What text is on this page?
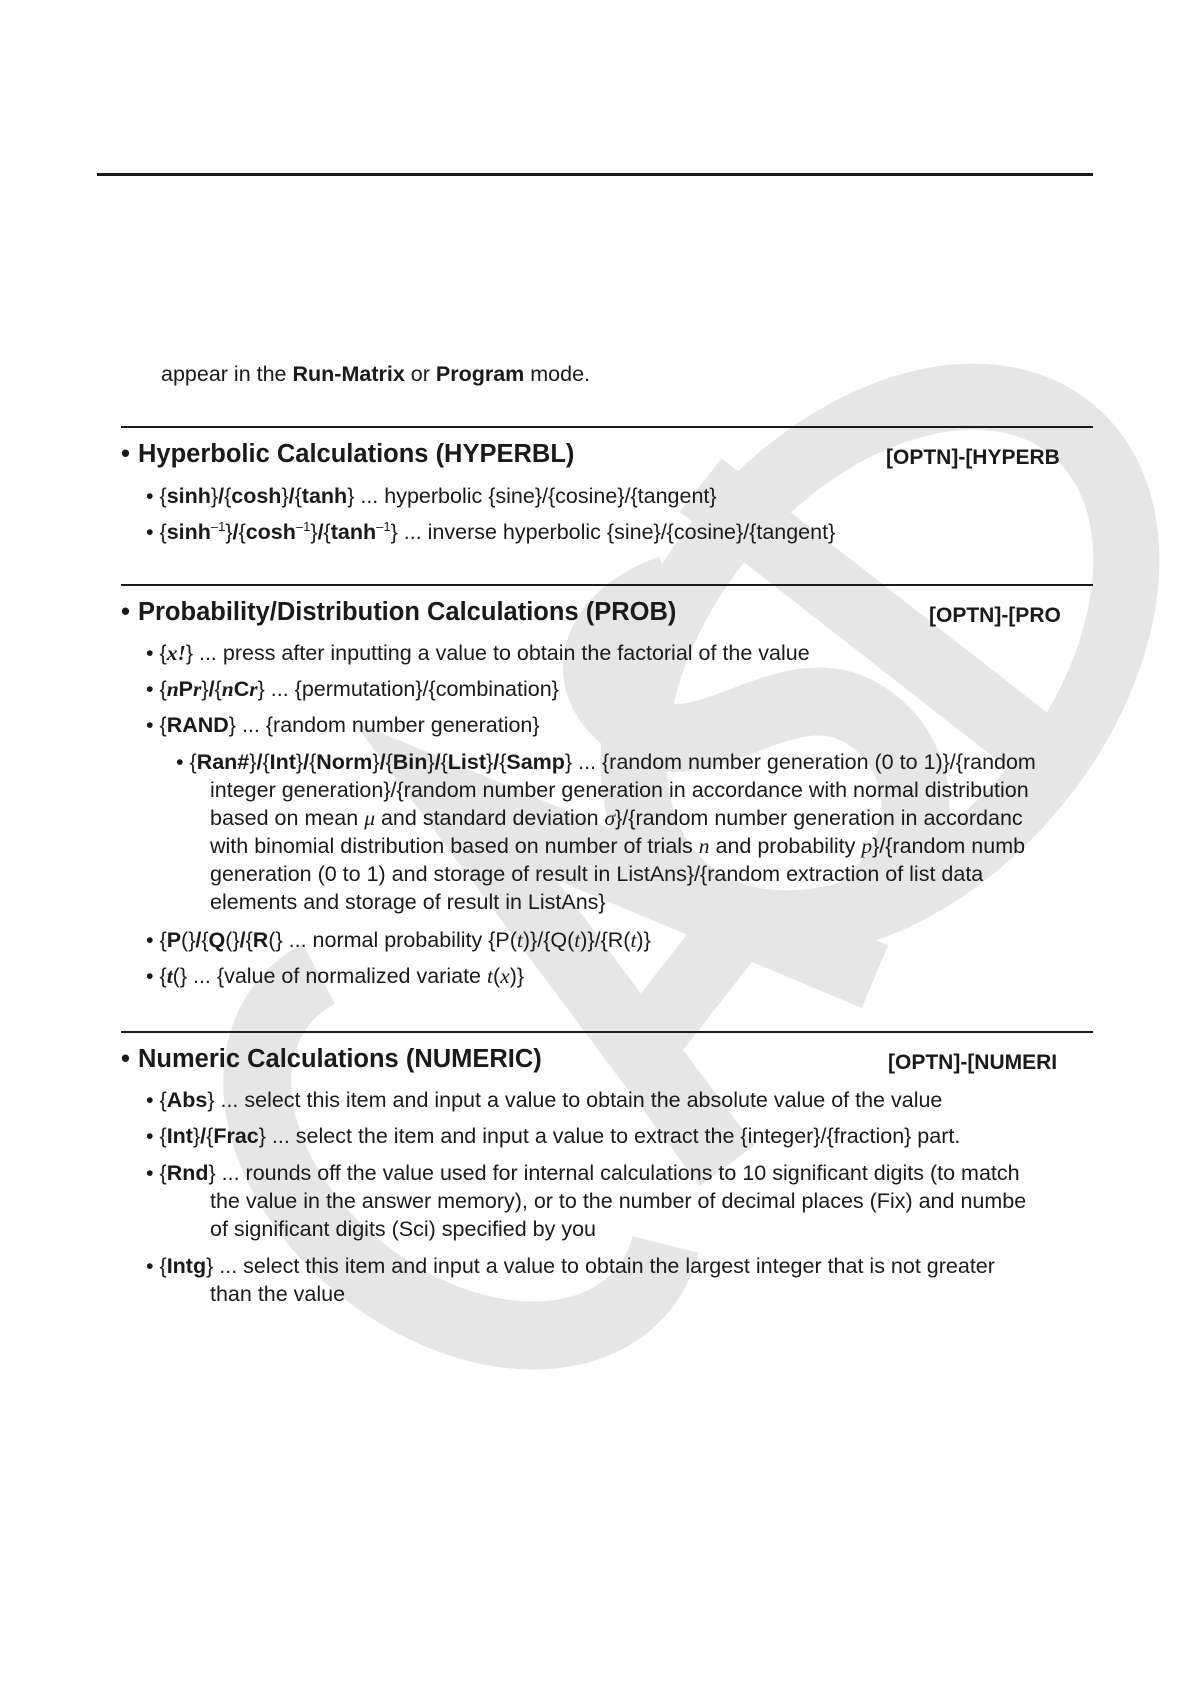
appear in the Run-Matrix or Program mode.
• Hyperbolic Calculations (HYPERBL)	[OPTN]-[HYPERB
• {sinh}/{cosh}/{tanh} ... hyperbolic {sine}/{cosine}/{tangent}
• $\{\sinh^{-1}\}/\{\cosh^{-1}\}/\{\tanh^{-1}\}$ ... inverse hyperbolic {sine}/{cosine}/{tangent}
• Probability/Distribution Calculations (PROB)	[OPTN]-[PRO
• {x!} ... press after inputting a value to obtain the factorial of the value
• {nPr}/{nCr} ... {permutation}/{combination}
• {RAND} ... {random number generation}
• {Ran#}/{Int}/{Norm}/{Bin}/{List}/{Samp} ... {random number generation (0 to 1)}/{random
integer generation}/{random number generation in accordance with normal distribution
based on mean μ and standard deviation σ}/{random number generation in accordanc
with binomial distribution based on number of trials n and probability p}/{random numb
generation (0 to 1) and storage of result in ListAns}/{random extraction of list data
elements and storage of result in ListAns}
• {P(}/{Q(}/{R(} ... normal probability {P(t)}/{Q(t)}/{R(t)}
• {t(} ... {value of normalized variate t(x)}
• Numeric Calculations (NUMERIC)	[OPTN]-[NUMERI
• {Abs} ... select this item and input a value to obtain the absolute value of the value
• {Int}/{Frac} ... select the item and input a value to extract the {integer}/{fraction} part.
• {Rnd} ... rounds off the value used for internal calculations to 10 significant digits (to match
the value in the answer memory), or to the number of decimal places (Fix) and numbe
of significant digits (Sci) specified by you
• {Intg} ... select this item and input a value to obtain the largest integer that is not greater
than the value
